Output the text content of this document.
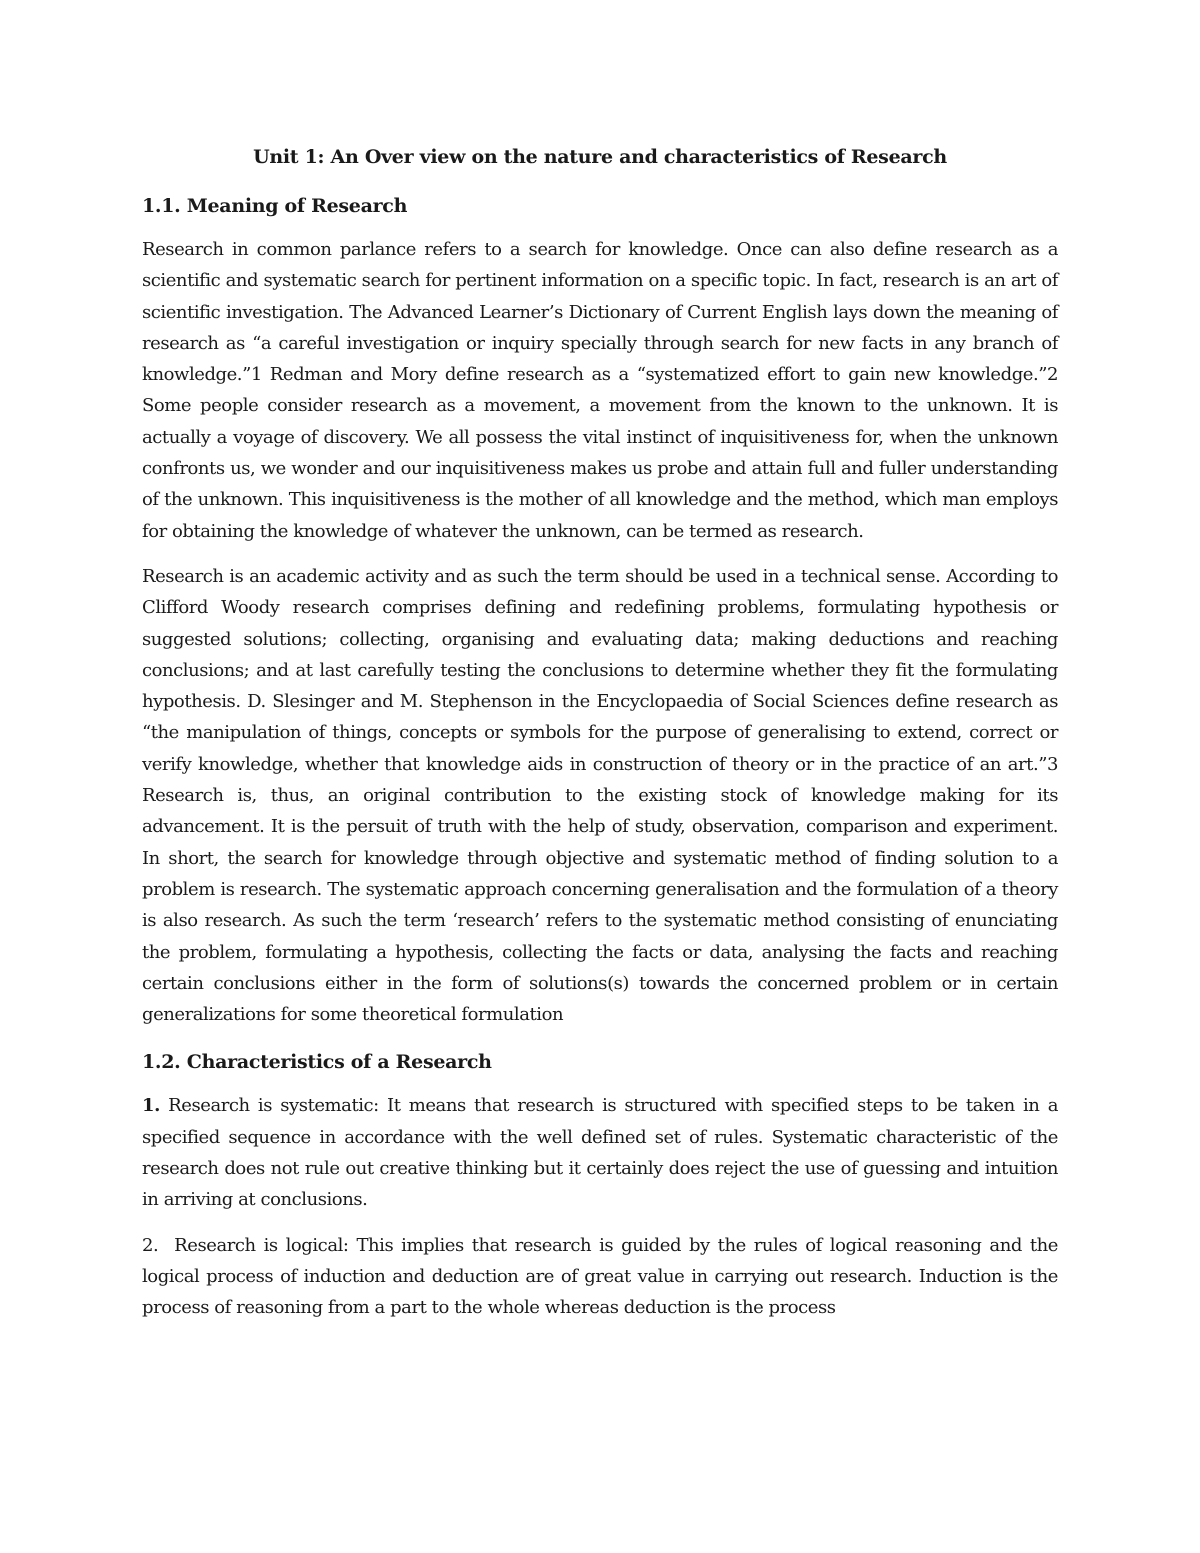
Unit 1: An Over view on the nature and characteristics of Research
1.1. Meaning of Research

Research in common parlance refers to a search for knowledge. Once can also define research as a scientific and systematic search for pertinent information on a specific topic. In fact, research is an art of scientific investigation. The Advanced Learner’s Dictionary of Current English lays down the meaning of research as “a careful investigation or inquiry specially through search for new facts in any branch of knowledge.”1 Redman and Mory define research as a “systematized effort to gain new knowledge.”2 Some people consider research as a movement, a movement from the known to the unknown. It is actually a voyage of discovery. We all possess the vital instinct of inquisitiveness for, when the unknown confronts us, we wonder and our inquisitiveness makes us probe and attain full and fuller understanding of the unknown. This inquisitiveness is the mother of all knowledge and the method, which man employs for obtaining the knowledge of whatever the unknown, can be termed as research.

Research is an academic activity and as such the term should be used in a technical sense. According to Clifford Woody research comprises defining and redefining problems, formulating hypothesis or suggested solutions; collecting, organising and evaluating data; making deductions and reaching conclusions; and at last carefully testing the conclusions to determine whether they fit the formulating hypothesis. D. Slesinger and M. Stephenson in the Encyclopaedia of Social Sciences define research as “the manipulation of things, concepts or symbols for the purpose of generalising to extend, correct or verify knowledge, whether that knowledge aids in construction of theory or in the practice of an art.”3 Research is, thus, an original contribution to the existing stock of knowledge making for its advancement. It is the persuit of truth with the help of study, observation, comparison and experiment. In short, the search for knowledge through objective and systematic method of finding solution to a problem is research. The systematic approach concerning generalisation and the formulation of a theory is also research. As such the term ‘research’ refers to the systematic method consisting of enunciating the problem, formulating a hypothesis, collecting the facts or data, analysing the facts and reaching certain conclusions either in the form of solutions(s) towards the concerned problem or in certain generalizations for some theoretical formulation

1.2. Characteristics of a Research

1. Research is systematic: It means that research is structured with specified steps to be taken in a specified sequence in accordance with the well defined set of rules. Systematic characteristic of the research does not rule out creative thinking but it certainly does reject the use of guessing and intuition in arriving at conclusions.

2.  Research is logical: This implies that research is guided by the rules of logical reasoning and the logical process of induction and deduction are of great value in carrying out research. Induction is the process of reasoning from a part to the whole whereas deduction is the process
